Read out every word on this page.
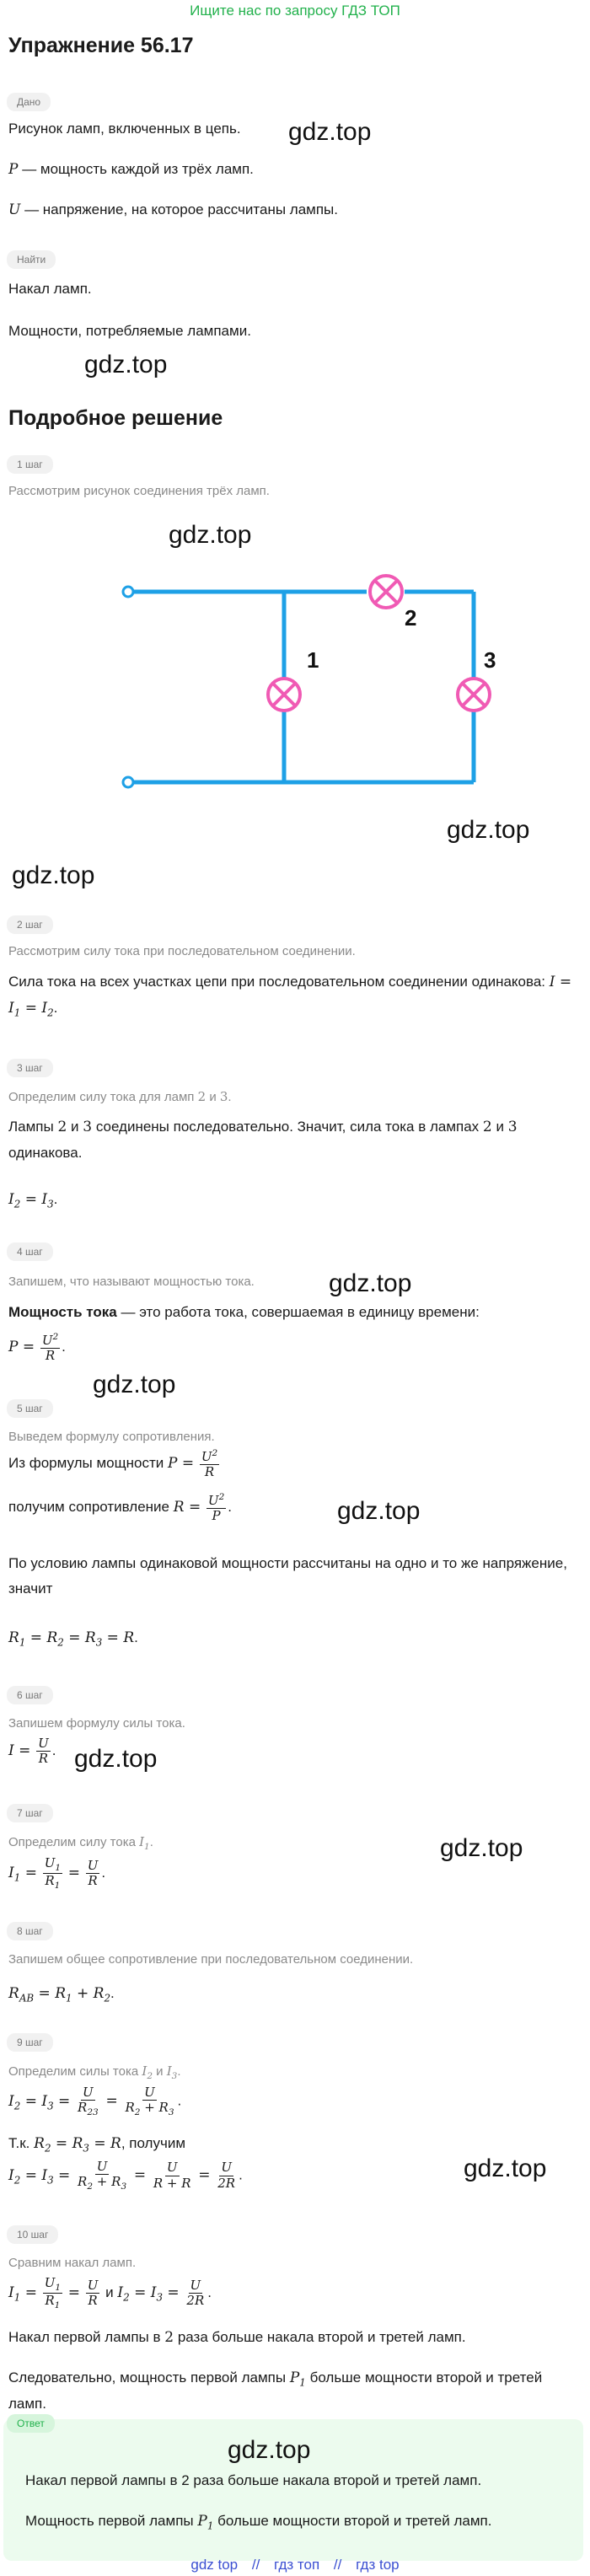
Ищите нас по запросу ГДЗ ТОП
Упражнение 56.17
Дано
Рисунок ламп, включенных в цепь.	gdz.top
P — мощность каждой из трёх ламп.
U — напряжение, на которое рассчитаны лампы.
Найти
Накал ламп.
Мощности, потребляемые лампами.
gdz.top
Подробное решение
1 шаг
Рассмотрим рисунок соединения трёх ламп.
gdz.top
1
2
3
gdz.top
gdz.top
2 шаг
Рассмотрим силу тока при последовательном соединении.
Сила тока на всех участках цепи при последовательном соединении одинакова: $I = I_1 = I_2$.
3 шаг
Определим силу тока для ламп 2 и 3.
Лампы 2 и 3 соединены последовательно. Значит, сила тока в лампах 2 и 3 одинакова.
$I_2 = I_3$.
4 шаг
gdz.top
Запишем, что называют мощностью тока.
Мощность тока — это работа тока, совершаемая в единицу времени:
$P = \frac{U^2}{R}$ .
gdz.top
5 шаг
Выведем формулу сопротивления.
Из формулы мощности $P = \frac{U^2}{R}$
получим сопротивление $R = \frac{U^2}{P}$ .	gdz.top
По условию лампы одинаковой мощности рассчитаны на одно и то же напряжение, значит
$R_1 = R_2 = R_3 = R$.
6 шаг
Запишем формулу силы тока.
$I = \frac{U}{R}$ . gdz.top
7 шаг
gdz.top
Определим силу тока $I_1$.
$I_1 = \frac{U_1}{R_1} = \frac{U}{R}$ .
8 шаг
Запишем общее сопротивление при последовательном соединении.
$R_{AB} = R_1 + R_2$.
9 шаг
Определим силы тока $I_2$ и $I_3$.
$I_2 = I_3 = \frac{U}{R_{23}} = \frac{U}{R_2 + R_3}$ .
Т.к. $R_2 = R_3 = R$, получим
gdz.top
$I_2 = I_3 = \frac{U}{R_2 + R_3} = \frac{U}{R + R} = \frac{U}{2R}$ .
10 шаг
Сравним накал ламп.
$I_1 = \frac{U_1}{R_1} = \frac{U}{R}$ и $I_2 = I_3 = \frac{U}{2R}$ .
Накал первой лампы в 2 раза больше накала второй и третей ламп.
Следовательно, мощность первой лампы $P_1$ больше мощности второй и третей ламп.
Ответ
gdz.top
Накал первой лампы в 2 раза больше накала второй и третей ламп.
Мощность первой лампы $P_1$ больше мощности второй и третей ламп.
gdz top // гдз топ // гдз top
